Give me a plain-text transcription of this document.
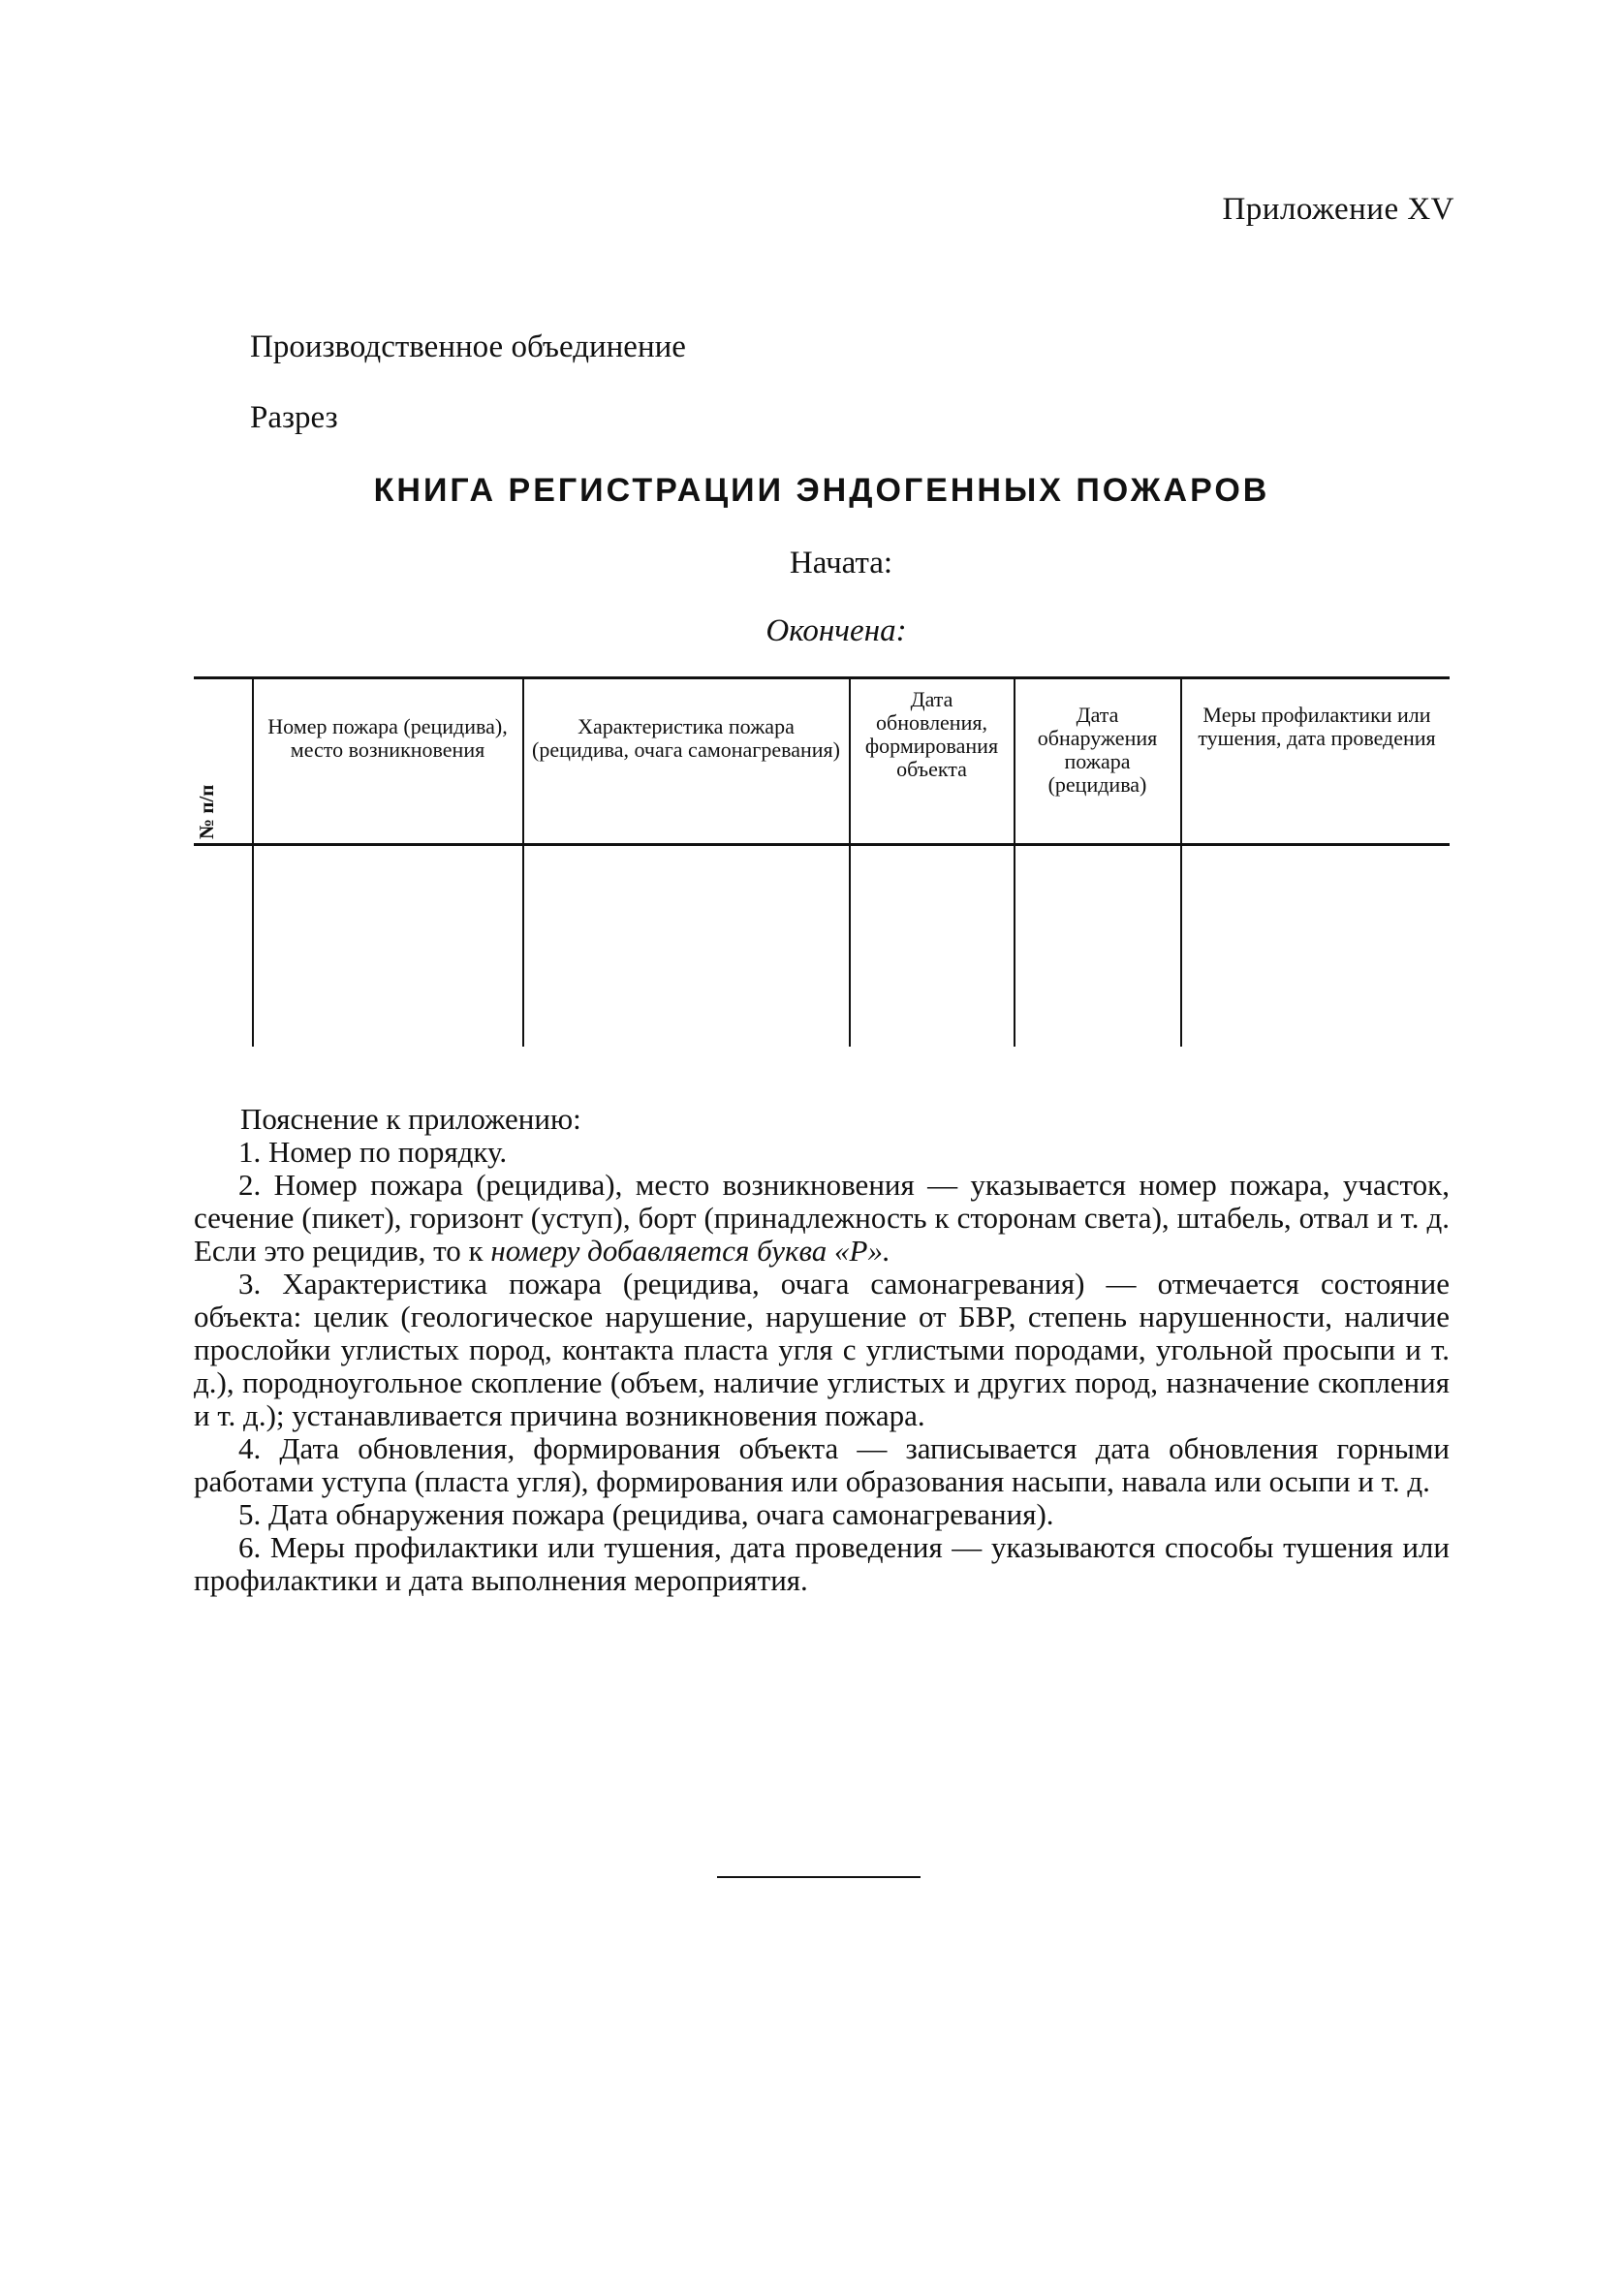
Приложение XV
Производственное объединение
Разрез
КНИГА РЕГИСТРАЦИИ ЭНДОГЕННЫХ ПОЖАРОВ
Начата:
Окончена:
№ п/п
Номер пожара (рецидива), место возникновения
Характеристика пожара (рецидива, очага самонагревания)
Дата обновления, формирования объекта
Дата обнаружения пожара (рецидива)
Меры профилактики или тушения, дата проведения

Пояснение к приложению:

1. Номер по порядку.

2. Номер пожара (рецидива), место возникновения — указывается номер пожара, участок, сечение (пикет), горизонт (уступ), борт (принадлежность к сторонам света), штабель, отвал и т. д. Если это рецидив, то к номеру добавляется буква «Р».

3. Характеристика пожара (рецидива, очага самонагревания) — отмечается состояние объекта: целик (геологическое нарушение, нарушение от БВР, степень нарушенности, наличие прослойки углистых пород, контакта пласта угля с углистыми породами, угольной просыпи и т. д.), породноугольное скопление (объем, наличие углистых и других пород, назначение скопления и т. д.); устанавливается причина возникновения пожара.

4. Дата обновления, формирования объекта — записывается дата обновления горными работами уступа (пласта угля), формирования или образования насыпи, навала или осыпи и т. д.

5. Дата обнаружения пожара (рецидива, очага самонагревания).

6. Меры профилактики или тушения, дата проведения — указываются способы тушения или профилактики и дата выполнения мероприятия.
